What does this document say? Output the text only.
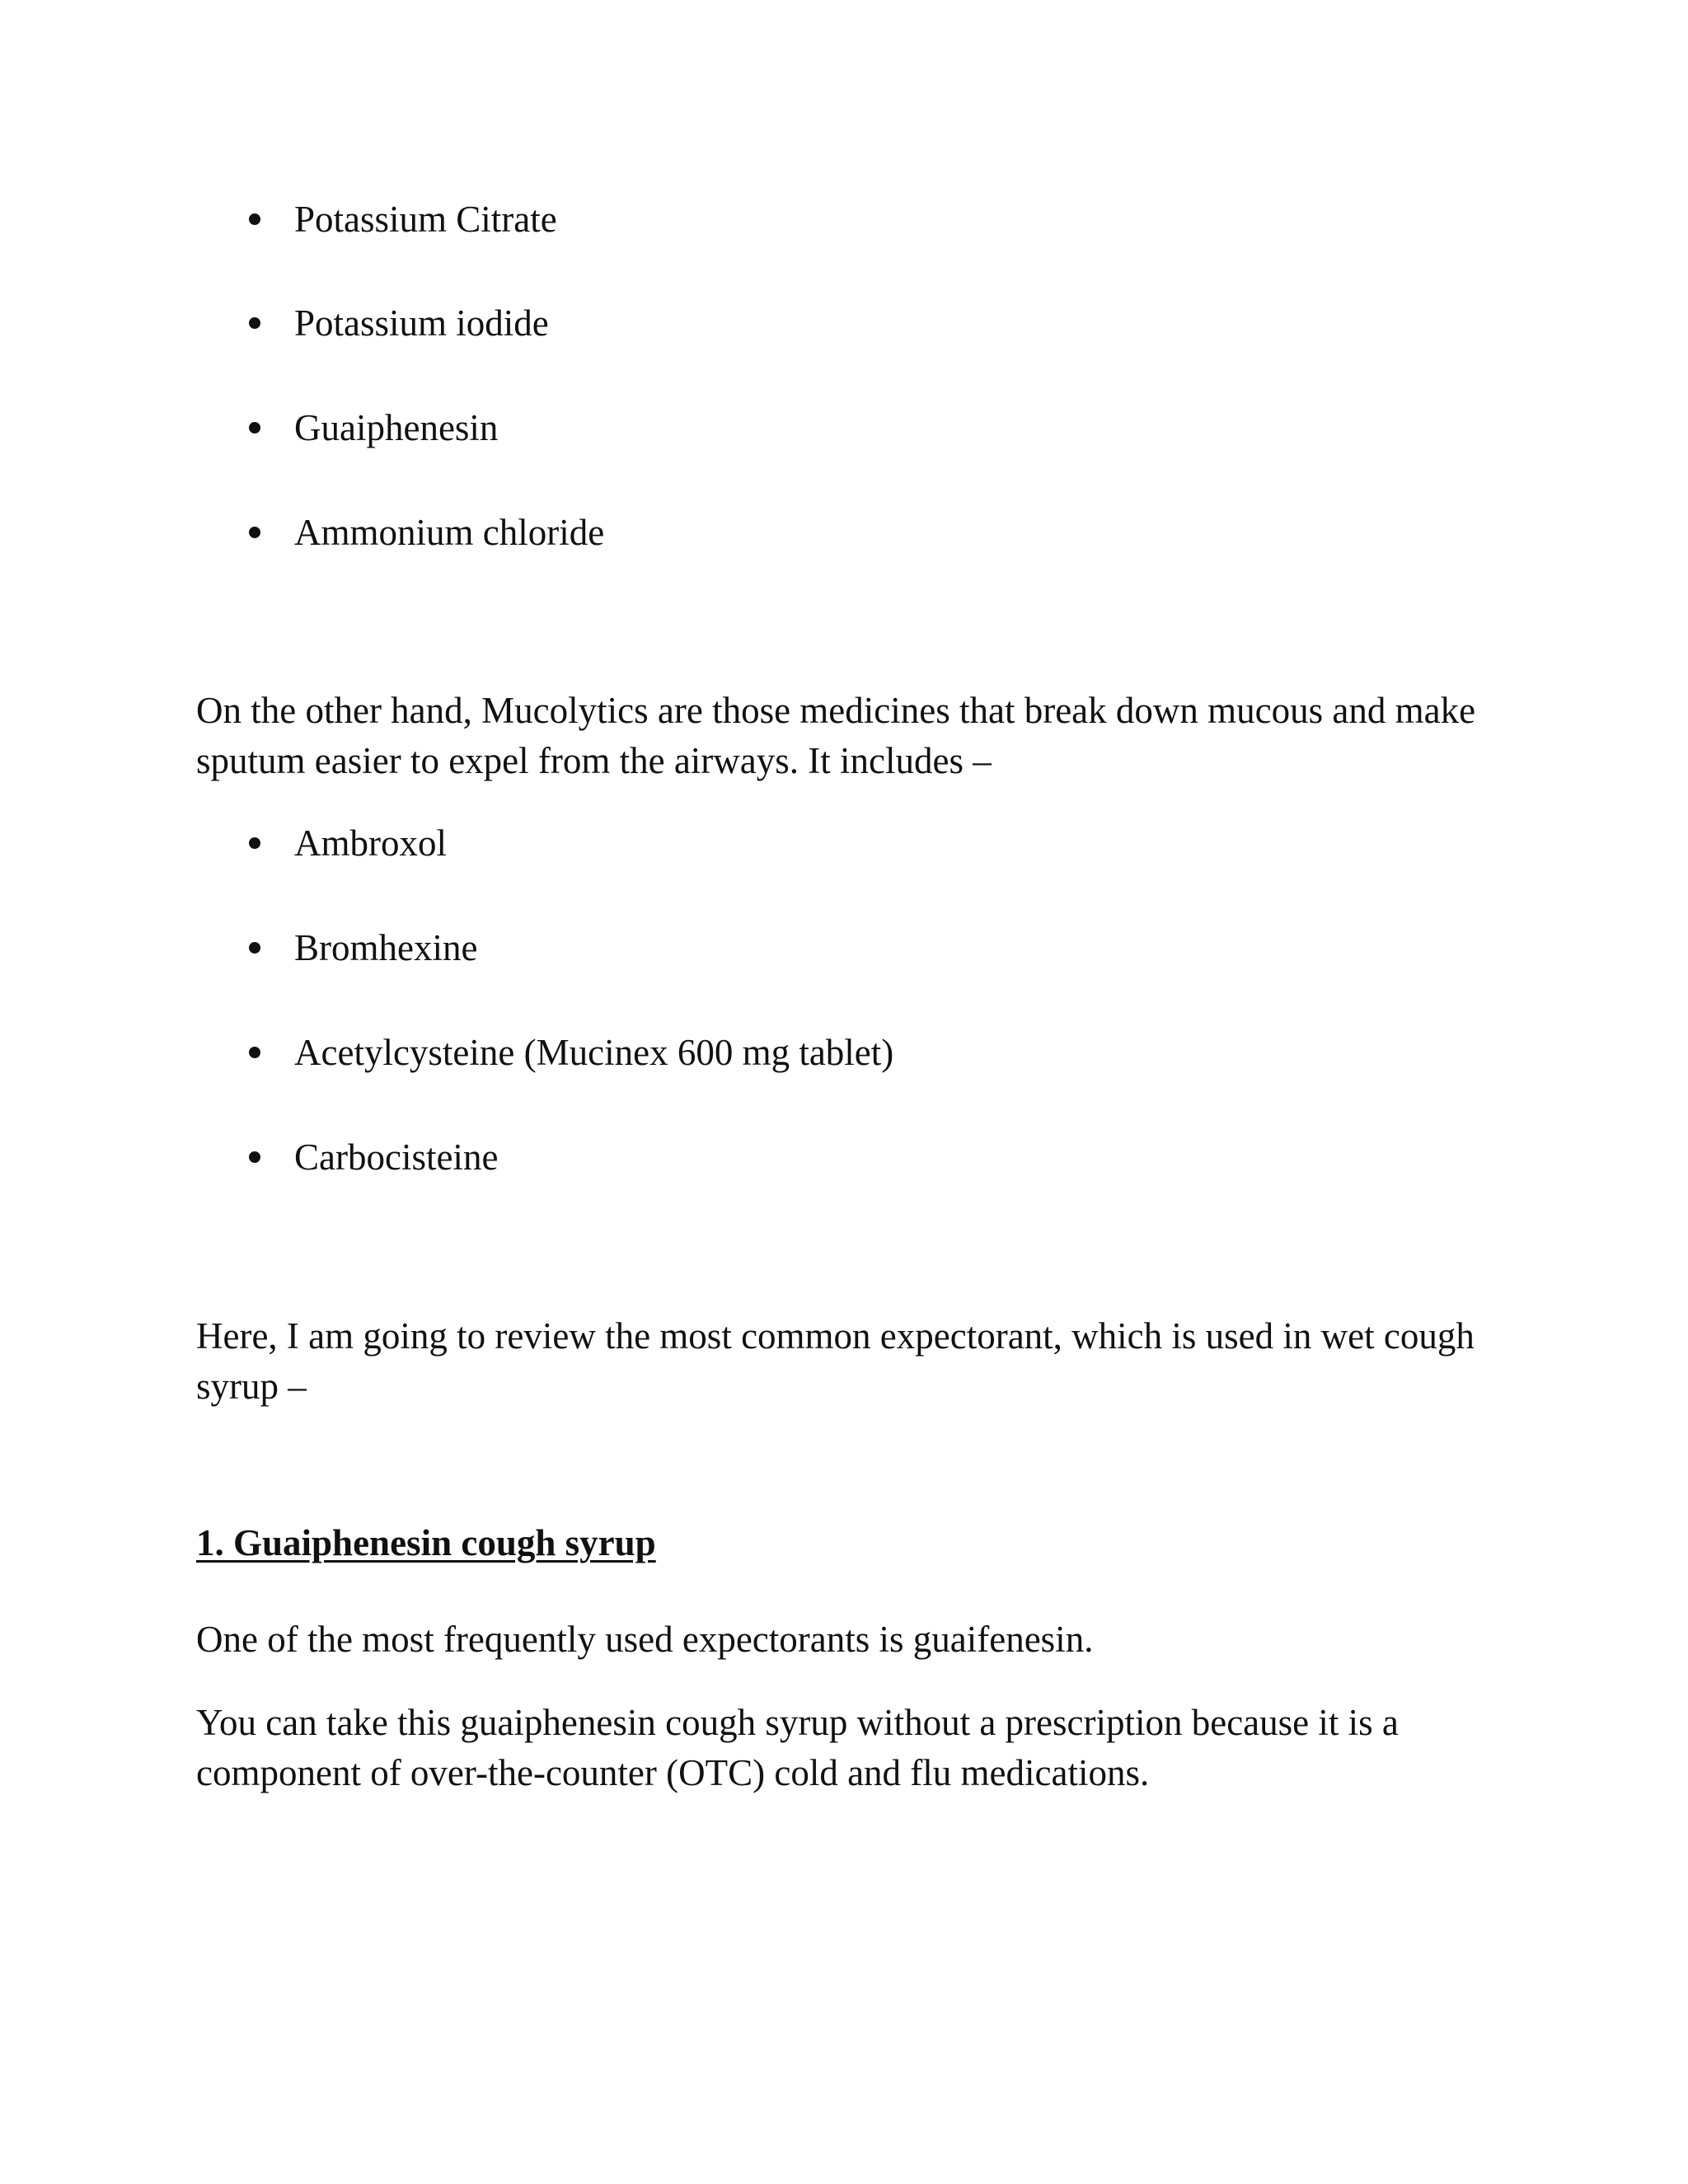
Potassium Citrate
Potassium iodide
Guaiphenesin
Ammonium chloride

On the other hand, Mucolytics are those medicines that break down mucous and make sputum easier to expel from the airways. It includes –

Ambroxol
Bromhexine
Acetylcysteine (Mucinex 600 mg tablet)
Carbocisteine

Here, I am going to review the most common expectorant, which is used in wet cough syrup –

1. Guaiphenesin cough syrup

One of the most frequently used expectorants is guaifenesin.

You can take this guaiphenesin cough syrup without a prescription because it is a component of over-the-counter (OTC) cold and flu medications.
